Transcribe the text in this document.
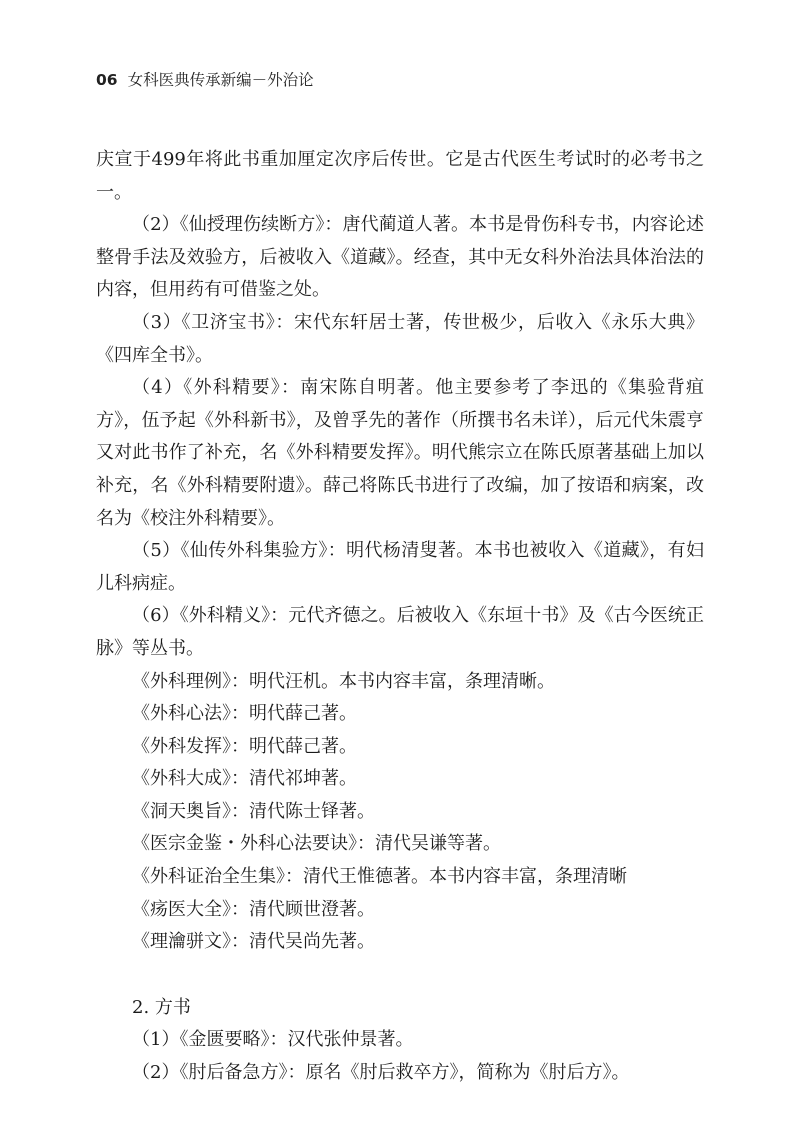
06 女科医典传承新编－外治论

庆宣于499年将此书重加厘定次序后传世。它是古代医生考试时的必考书之一。

（2）《仙授理伤续断方》：唐代蔺道人著。本书是骨伤科专书，内容论述整骨手法及效验方，后被收入《道藏》。经查，其中无女科外治法具体治法的内容，但用药有可借鉴之处。

（3）《卫济宝书》：宋代东轩居士著，传世极少，后收入《永乐大典》《四库全书》。

（4）《外科精要》：南宋陈自明著。他主要参考了李迅的《集验背疽方》，伍予起《外科新书》，及曾孚先的著作（所撰书名未详），后元代朱震亨又对此书作了补充，名《外科精要发挥》。明代熊宗立在陈氏原著基础上加以补充，名《外科精要附遗》。薛己将陈氏书进行了改编，加了按语和病案，改名为《校注外科精要》。

（5）《仙传外科集验方》：明代杨清叟著。本书也被收入《道藏》，有妇儿科病症。

（6）《外科精义》：元代齐德之。后被收入《东垣十书》及《古今医统正脉》等丛书。

《外科理例》：明代汪机。本书内容丰富，条理清晰。

《外科心法》：明代薛己著。

《外科发挥》：明代薛己著。

《外科大成》：清代祁坤著。

《洞天奥旨》：清代陈士铎著。

《医宗金鉴・外科心法要诀》：清代吴谦等著。

《外科证治全生集》：清代王惟德著。本书内容丰富，条理清晰

《疡医大全》：清代顾世澄著。

《理瀹骈文》：清代吴尚先著。

2. 方书

（1）《金匮要略》：汉代张仲景著。

（2）《肘后备急方》：原名《肘后救卒方》，简称为《肘后方》。
